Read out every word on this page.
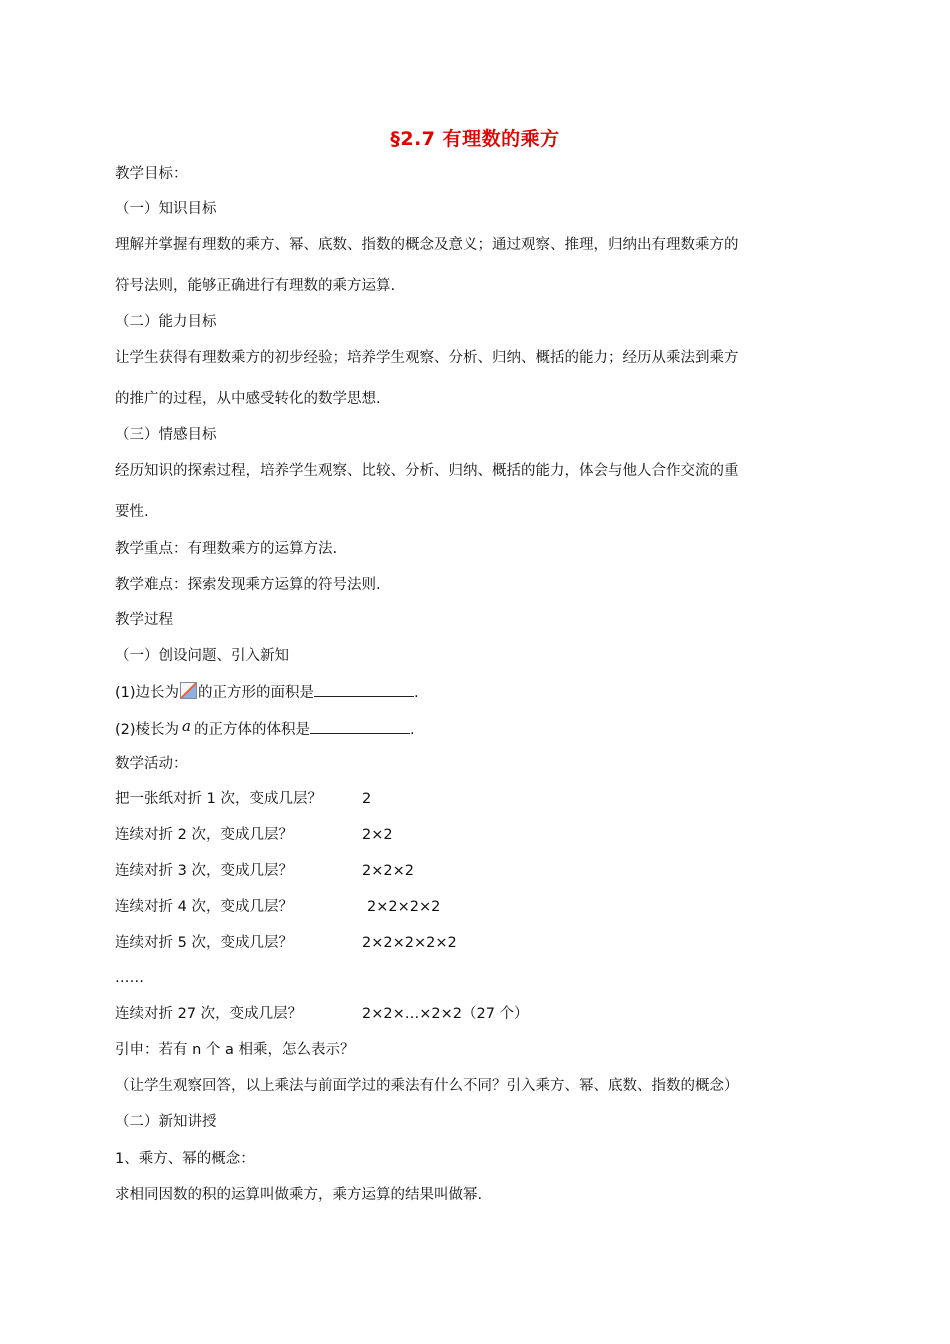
§2.7 有理数的乘方
教学目标：
（一）知识目标
理解并掌握有理数的乘方、幂、底数、指数的概念及意义；通过观察、推理，归纳出有理数乘方的
符号法则，能够正确进行有理数的乘方运算.
（二）能力目标
让学生获得有理数乘方的初步经验；培养学生观察、分析、归纳、概括的能力；经历从乘法到乘方
的推广的过程，从中感受转化的数学思想.
（三）情感目标
经历知识的探索过程，培养学生观察、比较、分析、归纳、概括的能力，体会与他人合作交流的重
要性.
教学重点：有理数乘方的运算方法.
教学难点：探索发现乘方运算的符号法则.
教学过程
（一）创设问题、引入新知
(1)边长为 的正方形的面积是	.
(2)棱长为 a 的正方体的体积是	.
数学活动：
把一张纸对折 1 次，变成几层？	2
连续对折 2 次，变成几层？	2×2
连续对折 3 次，变成几层？	2×2×2
连续对折 4 次，变成几层？	2×2×2×2
连续对折 5 次，变成几层？	2×2×2×2×2
……
连续对折 27 次，变成几层？	2×2×…×2×2（27 个）
引申：若有 n 个 a 相乘，怎么表示？
（让学生观察回答，以上乘法与前面学过的乘法有什么不同？引入乘方、幂、底数、指数的概念）
（二）新知讲授
1、乘方、幂的概念：
求相同因数的积的运算叫做乘方，乘方运算的结果叫做幂.
